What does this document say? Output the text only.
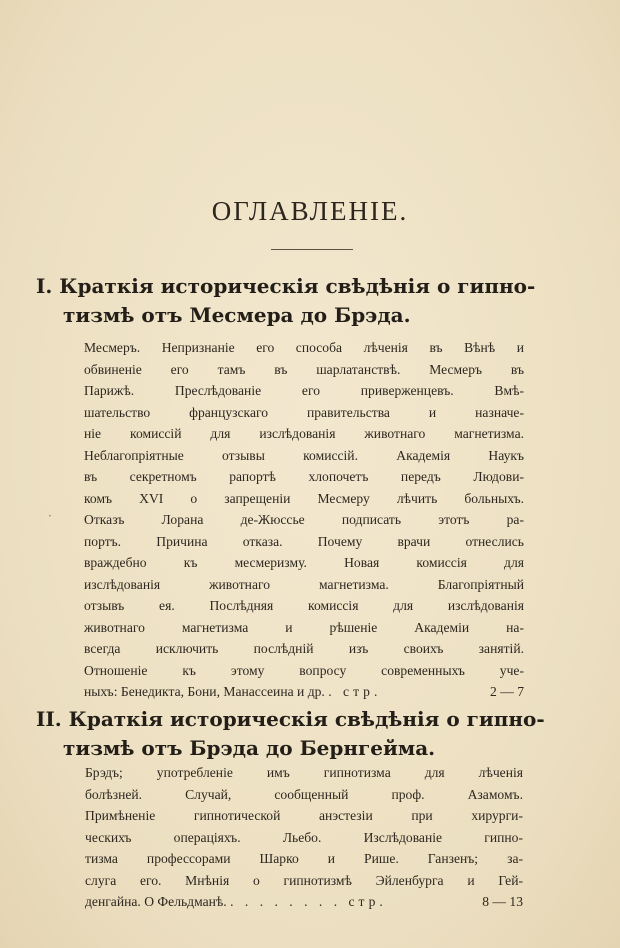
ОГЛАВЛЕНІЕ.
I. Краткія историческія свѣдѣнія о гипно-
тизмѣ отъ Месмера до Брэда.
Месмеръ. Непризнаніе его способа лѣченія въ Вѣнѣ и
обвиненіе его тамъ въ шарлатанствѣ. Месмеръ въ
Парижѣ. Преслѣдованіе его приверженцевъ. Вмѣ-
шательство французскаго правительства и назначе-
ніе комиссій для изслѣдованія животнаго магнетизма.
Неблагопріятные отзывы комиссій. Академія Наукъ
въ секретномъ рапортѣ хлопочетъ передъ Людови-
комъ XVI о запрещеніи Месмеру лѣчить больныхъ.
Отказъ Лорана де-Жюссье подписать этотъ ра-
портъ. Причина отказа. Почему врачи отнеслись
враждебно къ месмеризму. Новая комиссія для
изслѣдованія животнаго магнетизма. Благопріятный
отзывъ ея. Послѣдняя комиссія для изслѣдованія
животнаго магнетизма и рѣшеніе Академіи на-
всегда исключить послѣдній изъ своихъ занятій.
Отношеніе къ этому вопросу современныхъ уче-
ныхъ: Бенедикта, Бони, Манассеина и др. . стр.	2 — 7
·
II. Краткія историческія свѣдѣнія о гипно-
тизмѣ отъ Брэда до Бернгейма.
Брэдъ; употребленіе имъ гипнотизма для лѣченія
болѣзней. Случай, сообщенный проф. Азамомъ.
Примѣненіе гипнотической анэстезіи при хирурги-
ческихъ операціяхъ. Льебо. Изслѣдованіе гипно-
тизма профессорами Шарко и Рише. Ганзенъ; за-
слуга его. Мнѣнія о гипнотизмѣ Эйленбурга и Гей-
денгайна. О Фельдманѣ. . . . . . . . . стр.	8 — 13
